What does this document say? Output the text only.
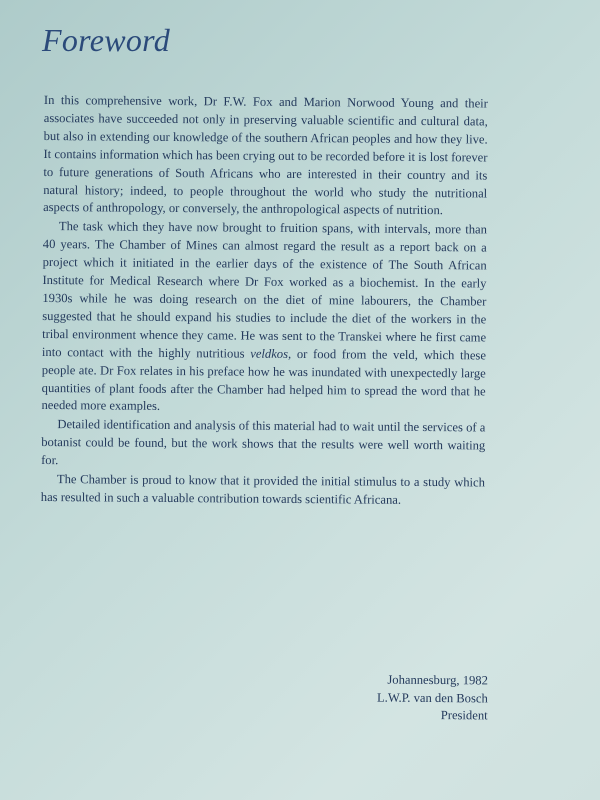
Foreword

In this comprehensive work, Dr F.W. Fox and Marion Norwood Young and their associates have succeeded not only in preserving valuable scientific and cultural data, but also in extending our knowledge of the southern African peoples and how they live. It contains information which has been crying out to be recorded before it is lost forever to future generations of South Africans who are interested in their country and its natural history; indeed, to people throughout the world who study the nutritional aspects of anthropology, or conversely, the anthropological aspects of nutrition.

The task which they have now brought to fruition spans, with intervals, more than 40 years. The Chamber of Mines can almost regard the result as a report back on a project which it initiated in the earlier days of the existence of The South African Institute for Medical Research where Dr Fox worked as a biochemist. In the early 1930s while he was doing research on the diet of mine labourers, the Chamber suggested that he should expand his studies to include the diet of the workers in the tribal environment whence they came. He was sent to the Transkei where he first came into contact with the highly nutritious veldkos, or food from the veld, which these people ate. Dr Fox relates in his preface how he was inundated with unexpectedly large quantities of plant foods after the Chamber had helped him to spread the word that he needed more examples.

Detailed identification and analysis of this material had to wait until the services of a botanist could be found, but the work shows that the results were well worth waiting for.

The Chamber is proud to know that it provided the initial stimulus to a study which has resulted in such a valuable contribution towards scientific Africana.

Johannesburg, 1982
L.W.P. van den Bosch
President
